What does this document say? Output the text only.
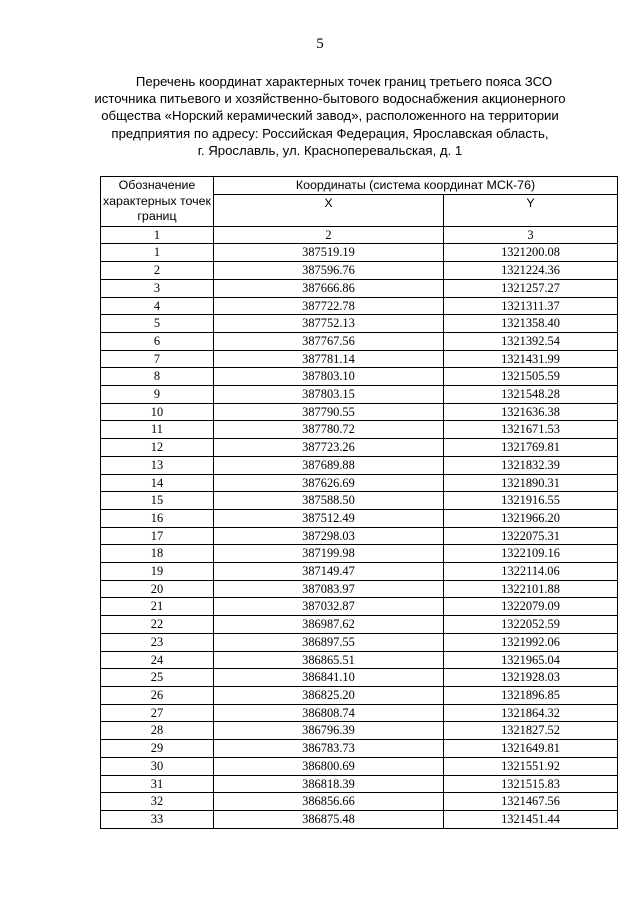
5
Перечень координат характерных точек границ третьего пояса ЗСО
источника питьевого и хозяйственно-бытового водоснабжения акционерного
общества «Норский керамический завод», расположенного на территории
предприятия по адресу: Российская Федерация, Ярославская область,
г. Ярославль, ул. Красноперевальская, д. 1
Обозначение характерных точек границ	Координаты (система координат МСК-76)	
	X	Y
1	2	3
1	387519.19	1321200.08
2	387596.76	1321224.36
3	387666.86	1321257.27
4	387722.78	1321311.37
5	387752.13	1321358.40
6	387767.56	1321392.54
7	387781.14	1321431.99
8	387803.10	1321505.59
9	387803.15	1321548.28
10	387790.55	1321636.38
11	387780.72	1321671.53
12	387723.26	1321769.81
13	387689.88	1321832.39
14	387626.69	1321890.31
15	387588.50	1321916.55
16	387512.49	1321966.20
17	387298.03	1322075.31
18	387199.98	1322109.16
19	387149.47	1322114.06
20	387083.97	1322101.88
21	387032.87	1322079.09
22	386987.62	1322052.59
23	386897.55	1321992.06
24	386865.51	1321965.04
25	386841.10	1321928.03
26	386825.20	1321896.85
27	386808.74	1321864.32
28	386796.39	1321827.52
29	386783.73	1321649.81
30	386800.69	1321551.92
31	386818.39	1321515.83
32	386856.66	1321467.56
33	386875.48	1321451.44
